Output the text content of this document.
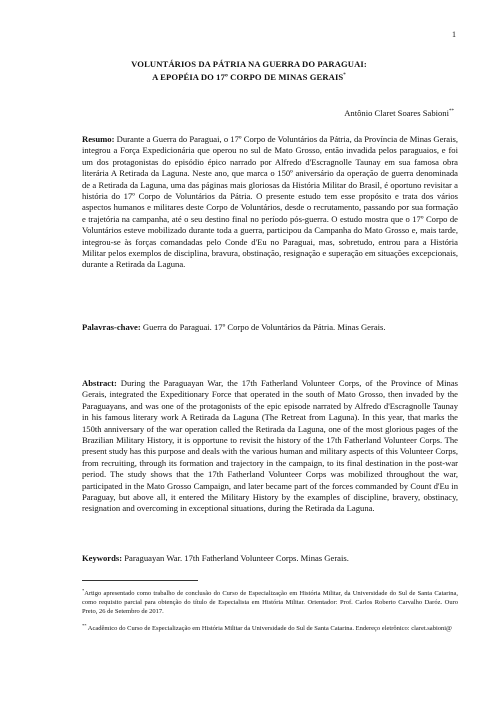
1
VOLUNTÁRIOS DA PÁTRIA NA GUERRA DO PARAGUAI:
A EPOPÉIA DO 17º CORPO DE MINAS GERAIS*
Antônio Claret Soares Sabioni**
Resumo: Durante a Guerra do Paraguai, o 17º Corpo de Voluntários da Pátria, da Província de Minas Gerais, integrou a Força Expedicionária que operou no sul de Mato Grosso, então invadida pelos paraguaios, e foi um dos protagonistas do episódio épico narrado por Alfredo d'Escragnolle Taunay em sua famosa obra literária A Retirada da Laguna. Neste ano, que marca o 150º aniversário da operação de guerra denominada de a Retirada da Laguna, uma das páginas mais gloriosas da História Militar do Brasil, é oportuno revisitar a história do 17º Corpo de Voluntários da Pátria. O presente estudo tem esse propósito e trata dos vários aspectos humanos e militares deste Corpo de Voluntários, desde o recrutamento, passando por sua formação e trajetória na campanha, até o seu destino final no período pós-guerra. O estudo mostra que o 17º Corpo de Voluntários esteve mobilizado durante toda a guerra, participou da Campanha do Mato Grosso e, mais tarde, integrou-se às forças comandadas pelo Conde d'Eu no Paraguai, mas, sobretudo, entrou para a História Militar pelos exemplos de disciplina, bravura, obstinação, resignação e superação em situações excepcionais, durante a Retirada da Laguna.
Palavras-chave: Guerra do Paraguai. 17º Corpo de Voluntários da Pátria. Minas Gerais.
Abstract: During the Paraguayan War, the 17th Fatherland Volunteer Corps, of the Province of Minas Gerais, integrated the Expeditionary Force that operated in the south of Mato Grosso, then invaded by the Paraguayans, and was one of the protagonists of the epic episode narrated by Alfredo d'Escragnolle Taunay in his famous literary work A Retirada da Laguna (The Retreat from Laguna). In this year, that marks the 150th anniversary of the war operation called the Retirada da Laguna, one of the most glorious pages of the Brazilian Military History, it is opportune to revisit the history of the 17th Fatherland Volunteer Corps. The present study has this purpose and deals with the various human and military aspects of this Volunteer Corps, from recruiting, through its formation and trajectory in the campaign, to its final destination in the post-war period. The study shows that the 17th Fatherland Volunteer Corps was mobilized throughout the war, participated in the Mato Grosso Campaign, and later became part of the forces commanded by Count d'Eu in Paraguay, but above all, it entered the Military History by the examples of discipline, bravery, obstinacy, resignation and overcoming in exceptional situations, during the Retirada da Laguna.
Keywords: Paraguayan War. 17th Fatherland Volunteer Corps. Minas Gerais.

*Artigo apresentado como trabalho de conclusão do Curso de Especialização em História Militar, da Universidade do Sul de Santa Catarina, como requisito parcial para obtenção do título de Especialista em História Militar. Orientador: Prof. Carlos Roberto Carvalho Daróz. Ouro Preto, 26 de Setembro de 2017.

** Acadêmico do Curso de Especialização em História Militar da Universidade do Sul de Santa Catarina. Endereço eletrônico: claret.sabioni@
